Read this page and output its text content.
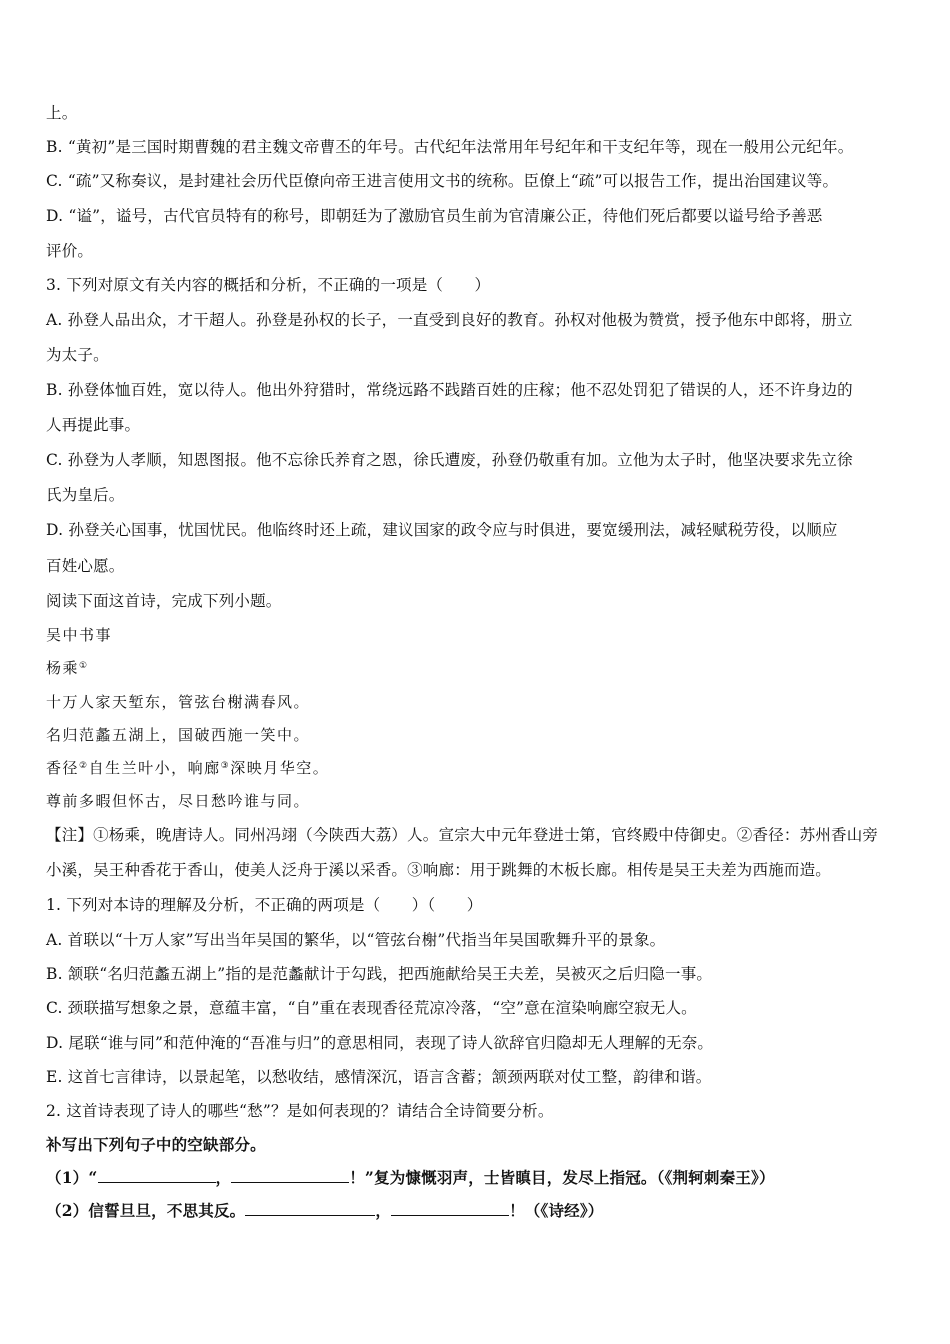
上。
B. “黄初”是三国时期曹魏的君主魏文帝曹丕的年号。古代纪年法常用年号纪年和干支纪年等，现在一般用公元纪年。
C. “疏”又称奏议，是封建社会历代臣僚向帝王进言使用文书的统称。臣僚上“疏”可以报告工作，提出治国建议等。
D. “谥”，谥号，古代官员特有的称号，即朝廷为了激励官员生前为官清廉公正，待他们死后都要以谥号给予善恶
评价。
3. 下列对原文有关内容的概括和分析，不正确的一项是（　　）
A. 孙登人品出众，才干超人。孙登是孙权的长子，一直受到良好的教育。孙权对他极为赞赏，授予他东中郎将，册立
为太子。
B. 孙登体恤百姓，宽以待人。他出外狩猎时，常绕远路不践踏百姓的庄稼；他不忍处罚犯了错误的人，还不许身边的
人再提此事。
C. 孙登为人孝顺，知恩图报。他不忘徐氏养育之恩，徐氏遭废，孙登仍敬重有加。立他为太子时，他坚决要求先立徐
氏为皇后。
D. 孙登关心国事，忧国忧民。他临终时还上疏，建议国家的政令应与时俱进，要宽缓刑法，减轻赋税劳役，以顺应
百姓心愿。
阅读下面这首诗，完成下列小题。
吴中书事
杨乘①
十万人家天堑东，管弦台榭满春风。
名归范蠡五湖上，国破西施一笑中。
香径②自生兰叶小，响廊③深映月华空。
尊前多暇但怀古，尽日愁吟谁与同。
【注】①杨乘，晚唐诗人。同州冯翊（今陕西大荔）人。宣宗大中元年登进士第，官终殿中侍御史。②香径：苏州香山旁
小溪，吴王种香花于香山，使美人泛舟于溪以采香。③响廊：用于跳舞的木板长廊。相传是吴王夫差为西施而造。
1. 下列对本诗的理解及分析，不正确的两项是（　　）（　　）
A. 首联以“十万人家”写出当年吴国的繁华，以“管弦台榭”代指当年吴国歌舞升平的景象。
B. 颔联“名归范蠡五湖上”指的是范蠡献计于勾践，把西施献给吴王夫差，吴被灭之后归隐一事。
C. 颈联描写想象之景，意蕴丰富，“自”重在表现香径荒凉冷落，“空”意在渲染响廊空寂无人。
D. 尾联“谁与同”和范仲淹的“吾准与归”的意思相同，表现了诗人欲辞官归隐却无人理解的无奈。
E. 这首七言律诗，以景起笔，以愁收结，感情深沉，语言含蓄；颔颈两联对仗工整，韵律和谐。
2. 这首诗表现了诗人的哪些“愁”？是如何表现的？请结合全诗简要分析。
补写出下列句子中的空缺部分。
（1）“	，	！”复为慷慨羽声，士皆瞋目，发尽上指冠。（《荆轲刺秦王》）
（2）信誓旦旦，不思其反。	，	！（《诗经》）
